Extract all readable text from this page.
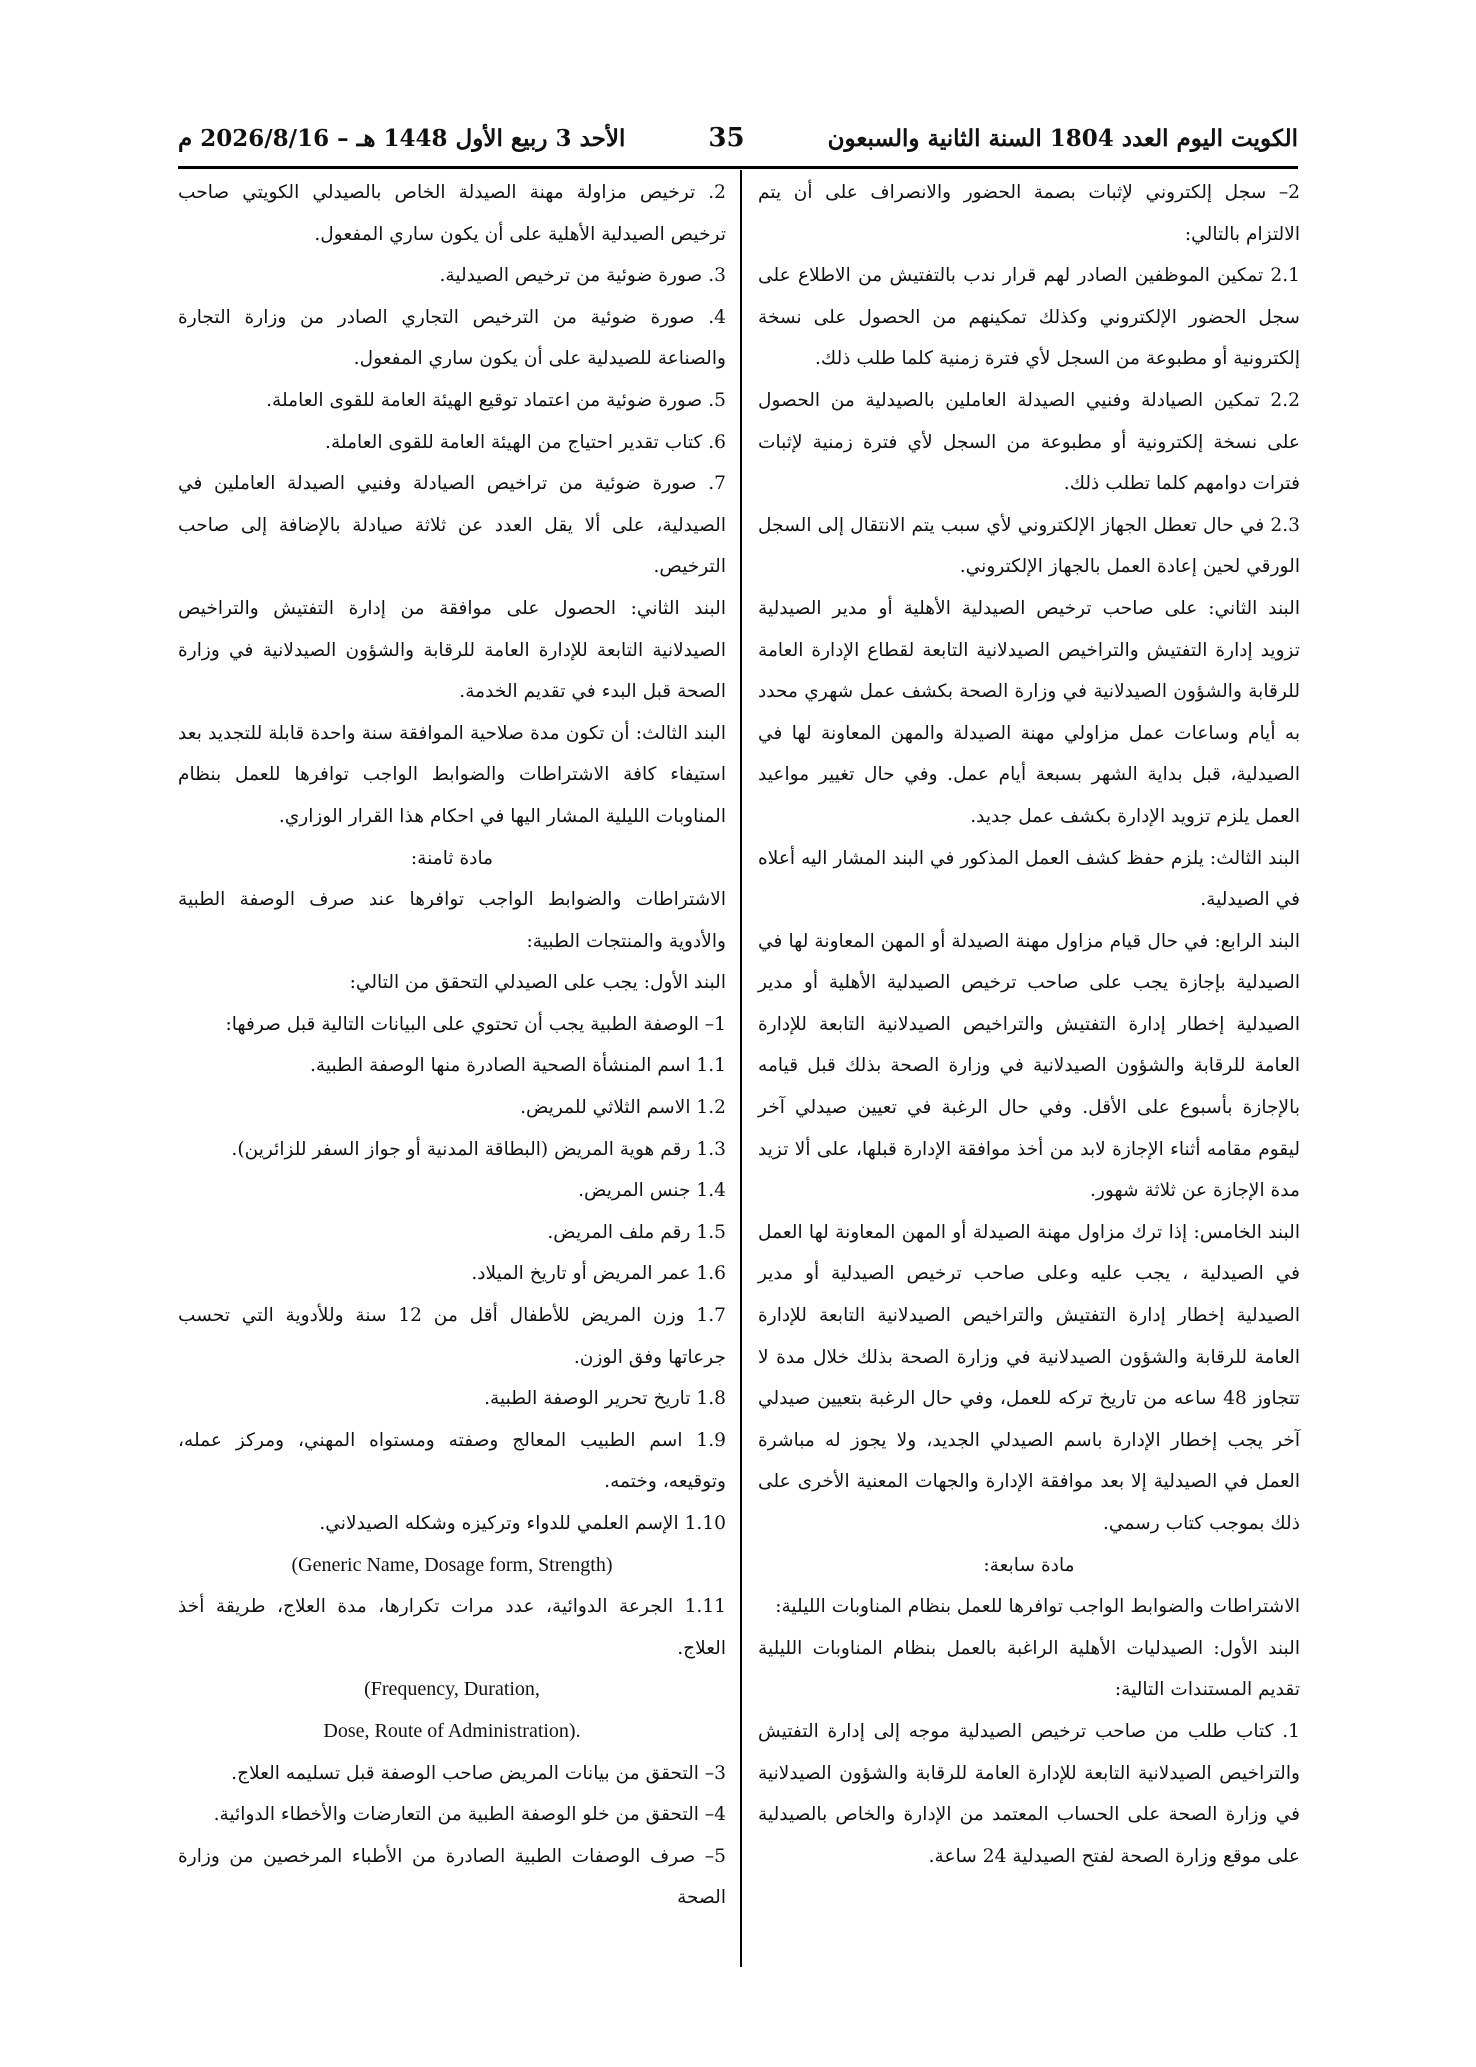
الكويت اليوم العدد 1804 السنة الثانية والسبعون
35
الأحد 3 ربيع الأول 1448 هـ – 2026/8/16 م

2– سجل إلكتروني لإثبات بصمة الحضور والانصراف على أن يتم الالتزام بالتالي:

2.1 تمكين الموظفين الصادر لهم قرار ندب بالتفتيش من الاطلاع على سجل الحضور الإلكتروني وكذلك تمكينهم من الحصول على نسخة إلكترونية أو مطبوعة من السجل لأي فترة زمنية كلما طلب ذلك.

2.2 تمكين الصيادلة وفنيي الصيدلة العاملين بالصيدلية من الحصول على نسخة إلكترونية أو مطبوعة من السجل لأي فترة زمنية لإثبات فترات دوامهم كلما تطلب ذلك.

2.3 في حال تعطل الجهاز الإلكتروني لأي سبب يتم الانتقال إلى السجل الورقي لحين إعادة العمل بالجهاز الإلكتروني.

البند الثاني: على صاحب ترخيص الصيدلية الأهلية أو مدير الصيدلية تزويد إدارة التفتيش والتراخيص الصيدلانية التابعة لقطاع الإدارة العامة للرقابة والشؤون الصيدلانية في وزارة الصحة بكشف عمل شهري محدد به أيام وساعات عمل مزاولي مهنة الصيدلة والمهن المعاونة لها في الصيدلية، قبل بداية الشهر بسبعة أيام عمل. وفي حال تغيير مواعيد العمل يلزم تزويد الإدارة بكشف عمل جديد.

البند الثالث: يلزم حفظ كشف العمل المذكور في البند المشار اليه أعلاه في الصيدلية.

البند الرابع: في حال قيام مزاول مهنة الصيدلة أو المهن المعاونة لها في الصيدلية بإجازة يجب على صاحب ترخيص الصيدلية الأهلية أو مدير الصيدلية إخطار إدارة التفتيش والتراخيص الصيدلانية التابعة للإدارة العامة للرقابة والشؤون الصيدلانية في وزارة الصحة بذلك قبل قيامه بالإجازة بأسبوع على الأقل. وفي حال الرغبة في تعيين صيدلي آخر ليقوم مقامه أثناء الإجازة لابد من أخذ موافقة الإدارة قبلها، على ألا تزيد مدة الإجازة عن ثلاثة شهور.

البند الخامس: إذا ترك مزاول مهنة الصيدلة أو المهن المعاونة لها العمل في الصيدلية ، يجب عليه وعلى صاحب ترخيص الصيدلية أو مدير الصيدلية إخطار إدارة التفتيش والتراخيص الصيدلانية التابعة للإدارة العامة للرقابة والشؤون الصيدلانية في وزارة الصحة بذلك خلال مدة لا تتجاوز 48 ساعه من تاريخ تركه للعمل، وفي حال الرغبة بتعيين صيدلي آخر يجب إخطار الإدارة باسم الصيدلي الجديد، ولا يجوز له مباشرة العمل في الصيدلية إلا بعد موافقة الإدارة والجهات المعنية الأخرى على ذلك بموجب كتاب رسمي.

مادة سابعة:

الاشتراطات والضوابط الواجب توافرها للعمل بنظام المناوبات الليلية:

البند الأول: الصيدليات الأهلية الراغبة بالعمل بنظام المناوبات الليلية تقديم المستندات التالية:

1. كتاب طلب من صاحب ترخيص الصيدلية موجه إلى إدارة التفتيش والتراخيص الصيدلانية التابعة للإدارة العامة للرقابة والشؤون الصيدلانية في وزارة الصحة على الحساب المعتمد من الإدارة والخاص بالصيدلية على موقع وزارة الصحة لفتح الصيدلية 24 ساعة.

2. ترخيص مزاولة مهنة الصيدلة الخاص بالصيدلي الكويتي صاحب ترخيص الصيدلية الأهلية على أن يكون ساري المفعول.

3. صورة ضوئية من ترخيص الصيدلية.

4. صورة ضوئية من الترخيص التجاري الصادر من وزارة التجارة والصناعة للصيدلية على أن يكون ساري المفعول.

5. صورة ضوئية من اعتماد توقيع الهيئة العامة للقوى العاملة.

6. كتاب تقدير احتياج من الهيئة العامة للقوى العاملة.

7. صورة ضوئية من تراخيص الصيادلة وفنيي الصيدلة العاملين في الصيدلية، على ألا يقل العدد عن ثلاثة صيادلة بالإضافة إلى صاحب الترخيص.

البند الثاني: الحصول على موافقة من إدارة التفتيش والتراخيص الصيدلانية التابعة للإدارة العامة للرقابة والشؤون الصيدلانية في وزارة الصحة قبل البدء في تقديم الخدمة.

البند الثالث: أن تكون مدة صلاحية الموافقة سنة واحدة قابلة للتجديد بعد استيفاء كافة الاشتراطات والضوابط الواجب توافرها للعمل بنظام المناوبات الليلية المشار اليها في احكام هذا القرار الوزاري.

مادة ثامنة:

الاشتراطات والضوابط الواجب توافرها عند صرف الوصفة الطبية والأدوية والمنتجات الطبية:

البند الأول: يجب على الصيدلي التحقق من التالي:

1– الوصفة الطبية يجب أن تحتوي على البيانات التالية قبل صرفها:

1.1 اسم المنشأة الصحية الصادرة منها الوصفة الطبية.

1.2 الاسم الثلاثي للمريض.

1.3 رقم هوية المريض (البطاقة المدنية أو جواز السفر للزائرين).

1.4 جنس المريض.

1.5 رقم ملف المريض.

1.6 عمر المريض أو تاريخ الميلاد.

1.7 وزن المريض للأطفال أقل من 12 سنة وللأدوية التي تحسب جرعاتها وفق الوزن.

1.8 تاريخ تحرير الوصفة الطبية.

1.9 اسم الطبيب المعالج وصفته ومستواه المهني، ومركز عمله، وتوقيعه، وختمه.

1.10 الإسم العلمي للدواء وتركيزه وشكله الصيدلاني.

(Generic Name, Dosage form, Strength)

1.11 الجرعة الدوائية، عدد مرات تكرارها، مدة العلاج، طريقة أخذ العلاج.

(Frequency, Duration,

Dose, Route of Administration).

3– التحقق من بيانات المريض صاحب الوصفة قبل تسليمه العلاج.

4– التحقق من خلو الوصفة الطبية من التعارضات والأخطاء الدوائية.

5– صرف الوصفات الطبية الصادرة من الأطباء المرخصين من وزارة الصحة
